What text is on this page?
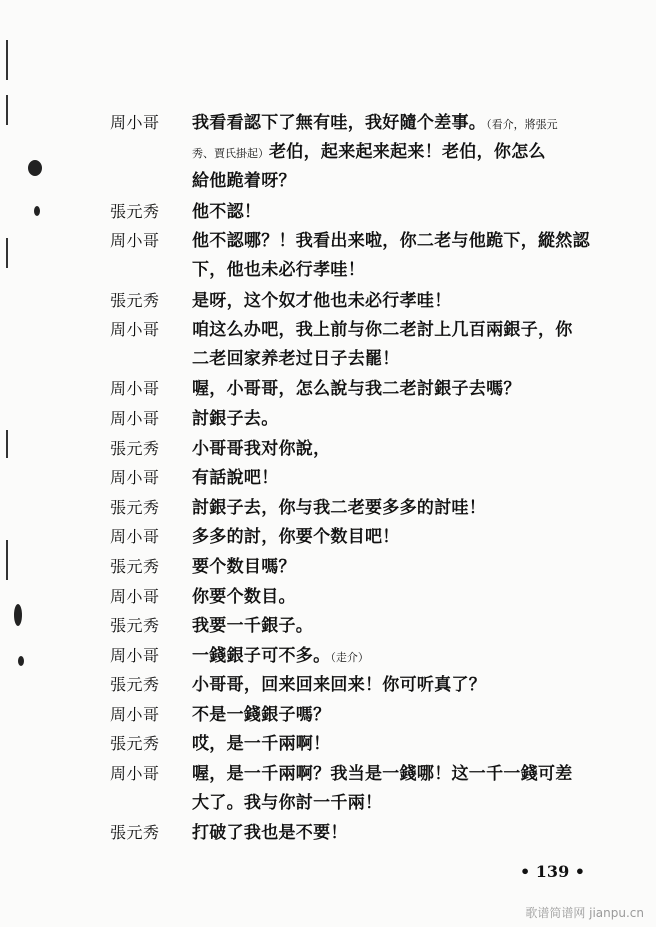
周小哥	我看看認下了無有哇，我好隨个差事。（看介，將張元
秀、賈氏掛起）老伯，起来起来起来！老伯，你怎么
給他跪着呀？
張元秀	他不認！
周小哥	他不認哪？！我看出来啦，你二老与他跪下，縱然認
下，他也未必行孝哇！
張元秀	是呀，这个奴才他也未必行孝哇！
周小哥	咱这么办吧，我上前与你二老討上几百兩銀子，你
二老回家养老过日子去罷！
周小哥	喔，小哥哥，怎么說与我二老討銀子去嗎？
周小哥	討銀子去。
張元秀	小哥哥我对你說，
周小哥	有話說吧！
張元秀	討銀子去，你与我二老要多多的討哇！
周小哥	多多的討，你要个数目吧！
張元秀	要个数目嗎？
周小哥	你要个数目。
張元秀	我要一千銀子。
周小哥	一錢銀子可不多。（走介）
張元秀	小哥哥，回来回来回来！你可听真了？
周小哥	不是一錢銀子嗎？
張元秀	哎，是一千兩啊！
周小哥	喔，是一千兩啊？我当是一錢哪！这一千一錢可差
大了。我与你討一千兩！
張元秀	打破了我也是不要！
• 139 •
歌谱简谱网 jianpu.cn
